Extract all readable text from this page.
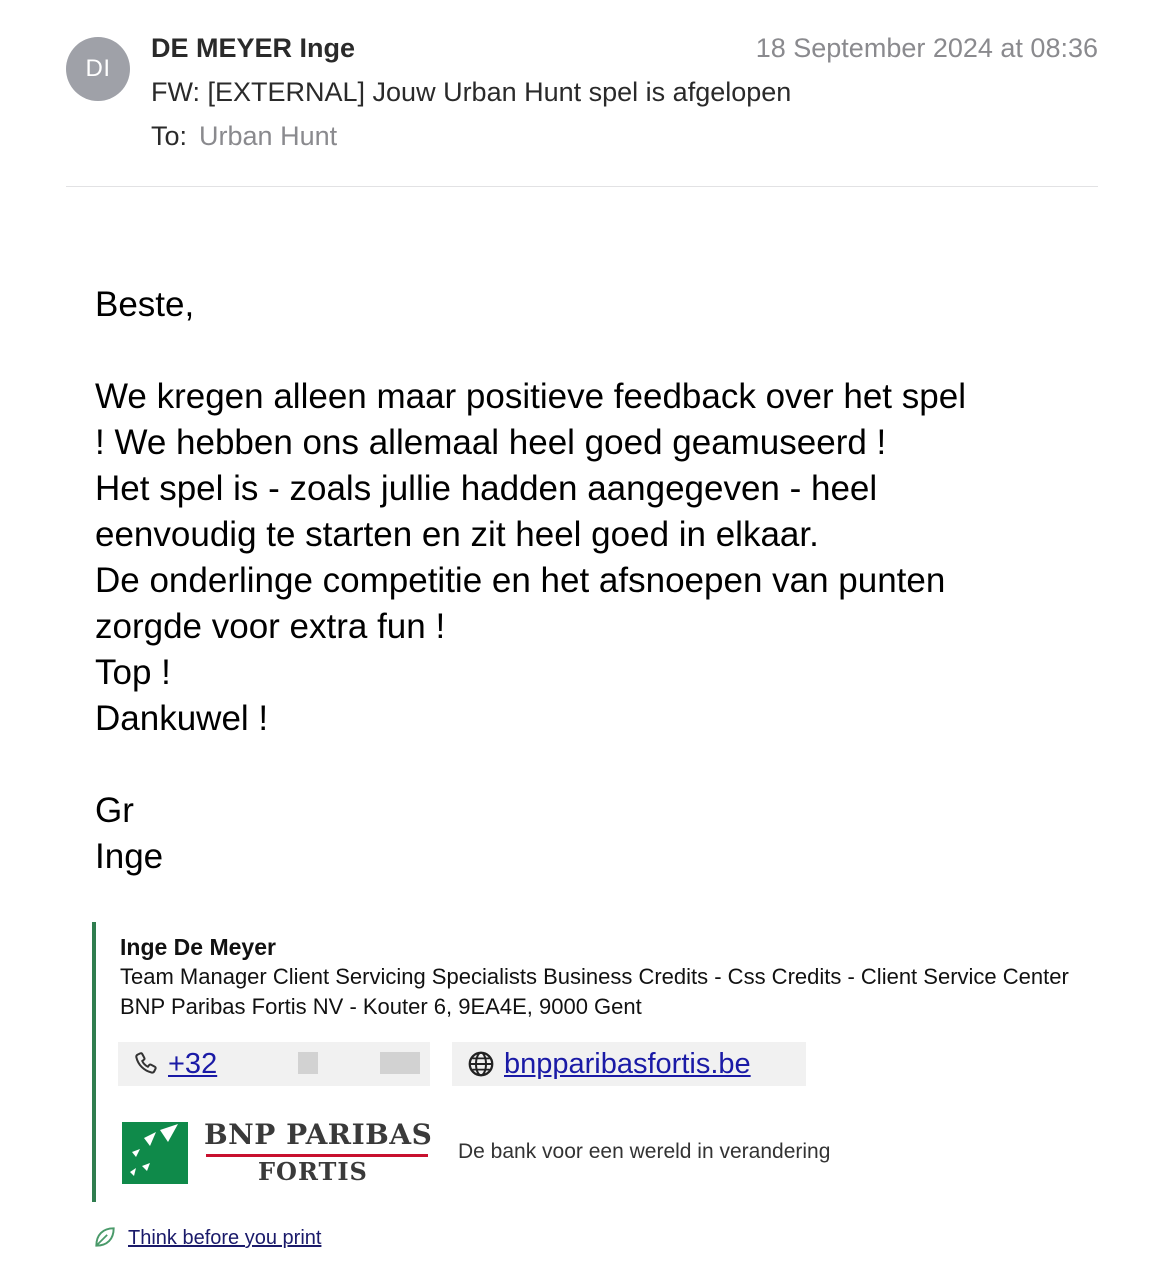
DI
DE MEYER Inge	18 September 2024 at 08:36
FW: [EXTERNAL] Jouw Urban Hunt spel is afgelopen
To: Urban Hunt

Beste,

We kregen alleen maar positieve feedback over het spel

! We hebben ons allemaal heel goed geamuseerd !

Het spel is - zoals jullie hadden aangegeven - heel

eenvoudig te starten en zit heel goed in elkaar.

De onderlinge competitie en het afsnoepen van punten

zorgde voor extra fun !

Top !

Dankuwel !

Gr

Inge

Inge De Meyer
Team Manager Client Servicing Specialists Business Credits - Css Credits - Client Service Center
BNP Paribas Fortis NV - Kouter 6, 9EA4E, 9000 Gent
+32	bnpparibasfortis.be
BNP PARIBAS
FORTIS
De bank voor een wereld in verandering
Think before you print
